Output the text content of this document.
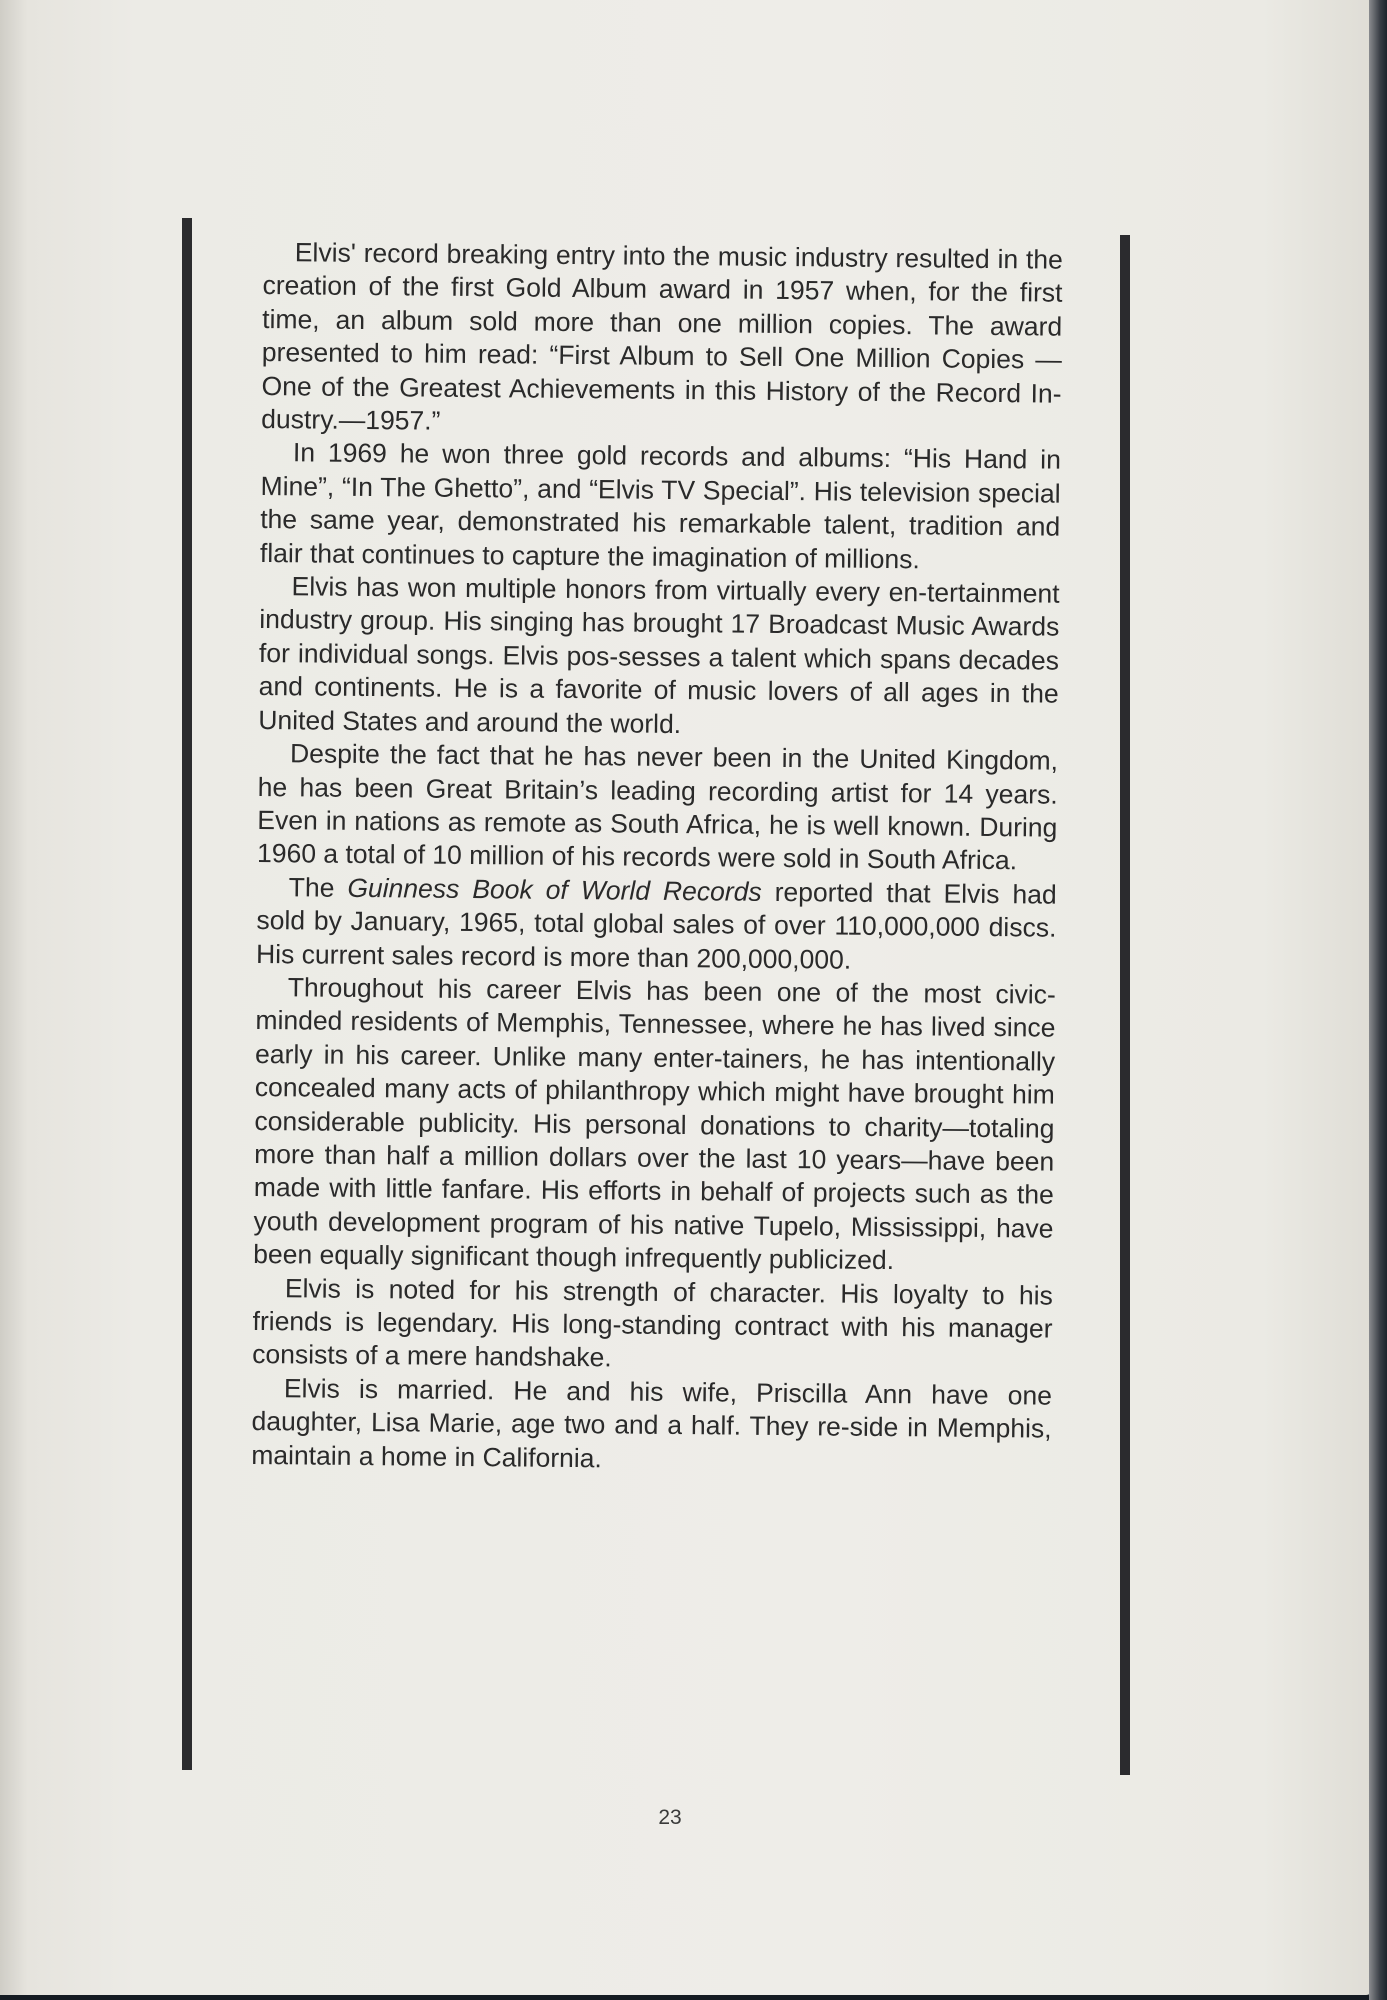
Elvis' record breaking entry into the music industry resulted in the creation of the first Gold Album award in 1957 when, for the first time, an album sold more than one million copies. The award presented to him read: “First Album to Sell One Million Copies — One of the Greatest Achievements in this History of the Record In-dustry.—1957.”

In 1969 he won three gold records and albums: “His Hand in Mine”, “In The Ghetto”, and “Elvis TV Special”. His television special the same year, demonstrated his remarkable talent, tradition and flair that continues to capture the imagination of millions.

Elvis has won multiple honors from virtually every en-tertainment industry group. His singing has brought 17 Broadcast Music Awards for individual songs. Elvis pos-sesses a talent which spans decades and continents. He is a favorite of music lovers of all ages in the United States and around the world.

Despite the fact that he has never been in the United Kingdom, he has been Great Britain’s leading recording artist for 14 years. Even in nations as remote as South Africa, he is well known. During 1960 a total of 10 million of his records were sold in South Africa.

The Guinness Book of World Records reported that Elvis had sold by January, 1965, total global sales of over 110,000,000 discs. His current sales record is more than 200,000,000.

Throughout his career Elvis has been one of the most civic-minded residents of Memphis, Tennessee, where he has lived since early in his career. Unlike many enter-tainers, he has intentionally concealed many acts of philanthropy which might have brought him considerable publicity. His personal donations to charity—totaling more than half a million dollars over the last 10 years—have been made with little fanfare. His efforts in behalf of projects such as the youth development program of his native Tupelo, Mississippi, have been equally significant though infrequently publicized.

Elvis is noted for his strength of character. His loyalty to his friends is legendary. His long-standing contract with his manager consists of a mere handshake.

Elvis is married. He and his wife, Priscilla Ann have one daughter, Lisa Marie, age two and a half. They re-side in Memphis, maintain a home in California.

23
